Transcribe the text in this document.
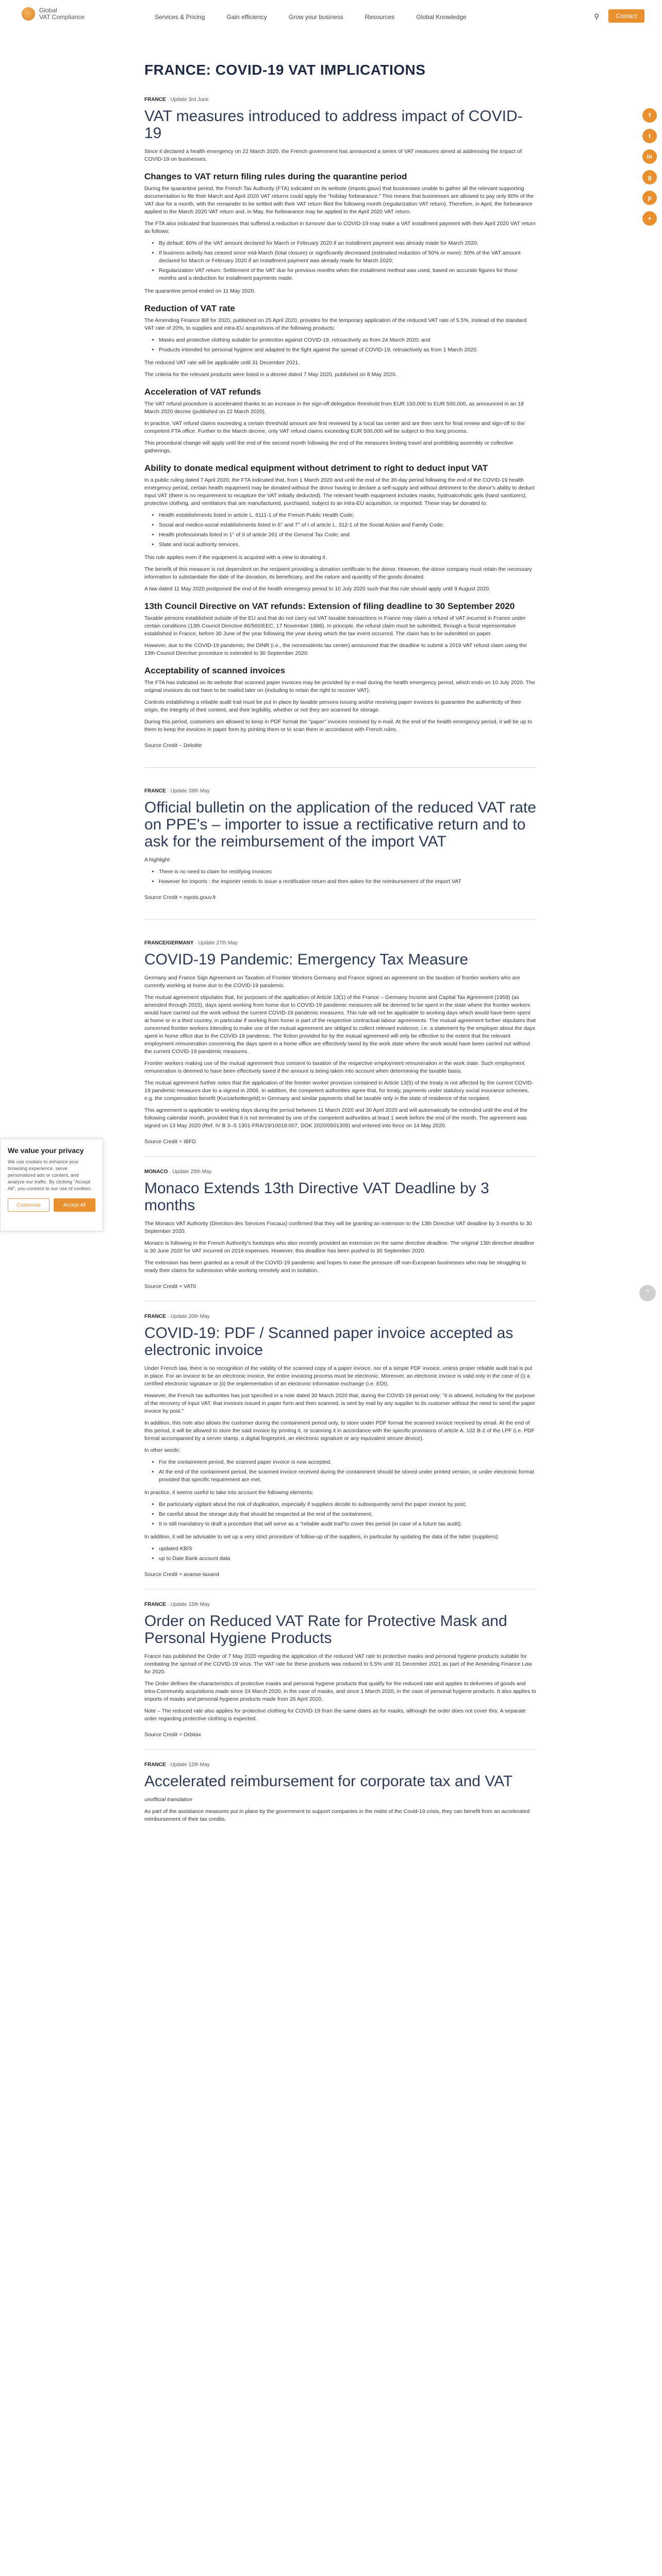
Global
VAT Compliance	Services & Pricing	Gain efficiency	Grow your business	Resources	Global Knowledge	⚲	Contact
f
t
in
g
p
+
FRANCE: COVID-19 VAT IMPLICATIONS
FRANCE · Update 3rd June
VAT measures introduced to address impact of COVID-19

Since it declared a health emergency on 22 March 2020, the French government has announced a series of VAT measures aimed at addressing the impact of COVID-19 on businesses.

Changes to VAT return filing rules during the quarantine period

During the quarantine period, the French Tax Authority (FTA) indicated on its website (impots.gouv) that businesses unable to gather all the relevant supporting documentation to file their March and April 2020 VAT returns could apply the "holiday forbearance." This means that businesses are allowed to pay only 80% of the VAT due for a month, with the remainder to be settled with their VAT return filed the following month (regularization VAT return). Therefore, in April, the forbearance applied to the March 2020 VAT return and, in May, the forbearance may be applied to the April 2020 VAT return.

The FTA also indicated that businesses that suffered a reduction in turnover due to COVID-19 may make a VAT installment payment with their April 2020 VAT return as follows:

• By default: 80% of the VAT amount declared for March or February 2020 if an installment payment was already made for March 2020;
• If business activity has ceased since mid-March (total closure) or significantly decreased (estimated reduction of 50% or more): 50% of the VAT amount declared for March or February 2020 if an installment payment was already made for March 2020;
• Regularization VAT return: Settlement of the VAT due for previous months when the installment method was used, based on accurate figures for those months and a deduction for installment payments made.

The quarantine period ended on 11 May 2020.

Reduction of VAT rate

The Amending Finance Bill for 2020, published on 25 April 2020, provides for the temporary application of the reduced VAT rate of 5.5%, instead of the standard VAT rate of 20%, to supplies and intra-EU acquisitions of the following products:

• Masks and protective clothing suitable for protection against COVID-19, retroactively as from 24 March 2020; and
• Products intended for personal hygiene and adapted to the fight against the spread of COVID-19, retroactively as from 1 March 2020.

The reduced VAT rate will be applicable until 31 December 2021.

The criteria for the relevant products were listed in a decree dated 7 May 2020, published on 8 May 2020.

Acceleration of VAT refunds

The VAT refund procedure is accelerated thanks to an increase in the sign-off delegation threshold from EUR 150,000 to EUR 500,000, as announced in an 18 March 2020 decree (published on 22 March 2020).

In practice, VAT refund claims exceeding a certain threshold amount are first reviewed by a local tax center and are then sent for final review and sign-off to the competent FTA office. Further to the March decree, only VAT refund claims exceeding EUR 500,000 will be subject to this long process.

This procedural change will apply until the end of the second month following the end of the measures limiting travel and prohibiting assembly or collective gatherings.

Ability to donate medical equipment without detriment to right to deduct input VAT

In a public ruling dated 7 April 2020, the FTA indicated that, from 1 March 2020 and until the end of the 30-day period following the end of the COVID-19 health emergency period, certain health equipment may be donated without the donor having to declare a self-supply and without detriment to the donor's ability to deduct input VAT (there is no requirement to recapture the VAT initially deducted). The relevant health equipment includes masks, hydroalcoholic gels (hand sanitizers), protective clothing, and ventilators that are manufactured, purchased, subject to an intra-EU acquisition, or imported. These may be donated to:

• Health establishments listed in article L. 6111-1 of the French Public Health Code;
• Social and medico-social establishments listed in 6° and 7° of I of article L. 312-1 of the Social Action and Family Code;
• Health professionals listed in 1° of II of article 261 of the General Tax Code; and
• State and local authority services.

This rule applies even if the equipment is acquired with a view to donating it.

The benefit of this measure is not dependent on the recipient providing a donation certificate to the donor. However, the donor company must retain the necessary information to substantiate the date of the donation, its beneficiary, and the nature and quantity of the goods donated.

A law dated 11 May 2020 postponed the end of the health emergency period to 10 July 2020 such that this rule should apply until 9 August 2020.

13th Council Directive on VAT refunds: Extension of filing deadline to 30 September 2020

Taxable persons established outside of the EU and that do not carry out VAT taxable transactions in France may claim a refund of VAT incurred in France under certain conditions (13th Council Directive 86/560/EEC, 17 November 1986). In principle, the refund claim must be submitted, through a fiscal representative established in France, before 30 June of the year following the year during which the tax event occurred. The claim has to be submitted on paper.

However, due to the COVID-19 pandemic, the DINR (i.e., the nonresidents tax center) announced that the deadline to submit a 2019 VAT refund claim using the 13th Council Directive procedure is extended to 30 September 2020.

Acceptability of scanned invoices

The FTA has indicated on its website that scanned paper invoices may be provided by e-mail during the health emergency period, which ends on 10 July 2020. The original invoices do not have to be mailed later on (including to retain the right to recover VAT).

Controls establishing a reliable audit trail must be put in place by taxable persons issuing and/or receiving paper invoices to guarantee the authenticity of their origin, the integrity of their content, and their legibility, whether or not they are scanned for storage.

During this period, customers are allowed to keep in PDF format the "paper" invoices received by e-mail. At the end of the health emergency period, it will be up to them to keep the invoices in paper form by printing them or to scan them in accordance with French rules.

Source Credit – Deloitte

FRANCE · Update 28th May
Official bulletin on the application of the reduced VAT rate on PPE's – importer to issue a rectificative return and to ask for the reimbursement of the import VAT

A highlight:

• There is no need to claim for rectifying invoices
• However for imports : the importer needs to issue a rectificative return and then askes for the reimbursement of the import VAT

Source Credit = mpots.gouv.fr

FRANCE/GERMANY · Update 27th May
COVID-19 Pandemic: Emergency Tax Measure

Germany and France Sign Agreement on Taxation of Frontier Workers Germany and France signed an agreement on the taxation of frontier workers who are currently working at home due to the COVID-19 pandemic.

The mutual agreement stipulates that, for purposes of the application of Article 13(1) of the France – Germany Income and Capital Tax Agreement (1959) (as amended through 2015), days spent working from home due to COVID-19 pandemic measures will be deemed to be spent in the state where the frontier workers would have carried out the work without the current COVID-19 pandemic measures. This rule will not be applicable to working days which would have been spent at home or in a third country, in particular if working from home is part of the respective contractual labour agreements. The mutual agreement further stipulates that concerned frontier workers intending to make use of the mutual agreement are obliged to collect relevant evidence, i.e. a statement by the employer about the days spent in home office due to the COVID-19 pandemic. The fiction provided for by the mutual agreement will only be effective to the extent that the relevant employment remuneration concerning the days spent in a home office are effectively taxed by the work state where the work would have been carried out without the current COVID-19 pandemic measures.

Frontier workers making use of the mutual agreement thus consent to taxation of the respective employment remuneration in the work state. Such employment remuneration is deemed to have been effectively taxed if the amount is being taken into account when determining the taxable basis.

The mutual agreement further notes that the application of the frontier worker provision contained in Article 13(5) of the treaty is not affected by the current COVID-19 pandemic measures due to a signed in 2006. In addition, the competent authorities agree that, for treaty, payments under statutory social insurance schemes, e.g. the compensation benefit (Kurzarbeitergeld) in Germany and similar payments shall be taxable only in the state of residence of the recipient.

This agreement is applicable to working days during the period between 11 March 2020 and 30 April 2020 and will automatically be extended until the end of the following calendar month, provided that it is not terminated by one of the competent authorities at least 1 week before the end of the month. The agreement was signed on 13 May 2020 (Ref. IV B 3–S 1301-FRA/19/10018:007, DOK 2020/0501305) and entered into force on 14 May 2020.

Source Credit = IBFD

MONACO · Update 25th May
Monaco Extends 13th Directive VAT Deadline by 3 months

The Monaco VAT Authority (Direction des Services Fiscaux) confirmed that they will be granting an extension to the 13th Directive VAT deadline by 3 months to 30 September 2020.

Monaco is following in the French Authority's footsteps who also recently provided an extension on the same directive deadline. The original 13th directive deadline is 30 June 2020 for VAT incurred on 2019 expenses. However, this deadline has been pushed to 30 September 2020.

The extension has been granted as a result of the COVID-19 pandemic and hopes to ease the pressure off non-European businesses who may be struggling to ready their claims for submission while working remotely and in isolation.

Source Credit = VATit

FRANCE · Update 20th May
COVID-19: PDF / Scanned paper invoice accepted as electronic invoice

Under French law, there is no recognition of the validity of the scanned copy of a paper invoice, nor of a simple PDF invoice, unless proper reliable audit trail is put in place. For an invoice to be an electronic invoice, the entire invoicing process must be electronic. Moreover, an electronic invoice is valid only in the case of (i) a certified electronic signature or (ii) the implementation of an electronic information exchange (i.e. EDI).

However, the French tax authorities has just specified in a note dated 30 March 2020 that, during the COVID-19 period only: "it is allowed, including for the purpose of the recovery of input VAT, that invoices issued in paper form and then scanned, is sent by mail by any supplier to its customer without the need to send the paper invoice by post."

In addition, this note also allows the customer during the containment period only, to store under PDF format the scanned invoice received by email. At the end of this period, it will be allowed to store the said invoice by printing it, or scanning it in accordance with the specific provisions of article A. 102 B-2 of the LPF (i.e. PDF format accompanied by a server stamp, a digital fingerprint, an electronic signature or any equivalent secure device).

In other words:

• For the containment period, the scanned paper invoice is now accepted.
• At the end of the containment period, the scanned invoice received during the containment should be stored under printed version, or under electronic format provided that specific requirement are met.

In practice, it seems useful to take into account the following elements:

• Be particularly vigilant about the risk of duplication, especially if suppliers decide to subsequently send the paper invoice by post;
• Be careful about the storage duty that should be respected at the end of the containment;
• It is still mandatory to draft a procedure that will serve as a "reliable audit trail"to cover this period (in case of a future tax audit).

In addition, it will be advisable to set up a very strict procedure of follow-up of the suppliers, in particular by updating the data of the latter (suppliers):

• updated KBIS
• up to Date Bank account data

Source Credit = avanse-taxand

FRANCE · Update 15th May
Order on Reduced VAT Rate for Protective Mask and Personal Hygiene Products

France has published the Order of 7 May 2020 regarding the application of the reduced VAT rate to protective masks and personal hygiene products suitable for combating the spread of the COVID-19 virus. The VAT rate for these products was reduced to 5.5% until 31 December 2021 as part of the Amending Finance Law for 2020.

The Order defines the characteristics of protective masks and personal hygiene products that qualify for the reduced rate and applies to deliveries of goods and intra-Community acquisitions made since 24 March 2020, in the case of masks, and since 1 March 2020, in the case of personal hygiene products. It also applies to imports of masks and personal hygiene products made from 26 April 2020.

Note – The reduced rate also applies for protective clothing for COVID-19 from the same dates as for masks, although the order does not cover this. A separate order regarding protective clothing is expected.

Source Credit = Orbitax

FRANCE · Update 12th May
Accelerated reimbursement for corporate tax and VAT

unofficial translation

As part of the assistance measures put in place by the government to support companies in the midst of the Covid-19 crisis, they can benefit from an accelerated reimbursement of their tax credits.

We value your privacy

We use cookies to enhance your browsing experience, serve personalized ads or content, and analyze our traffic. By clicking "Accept All", you consent to our use of cookies.

Customize	Accept All
⌃
